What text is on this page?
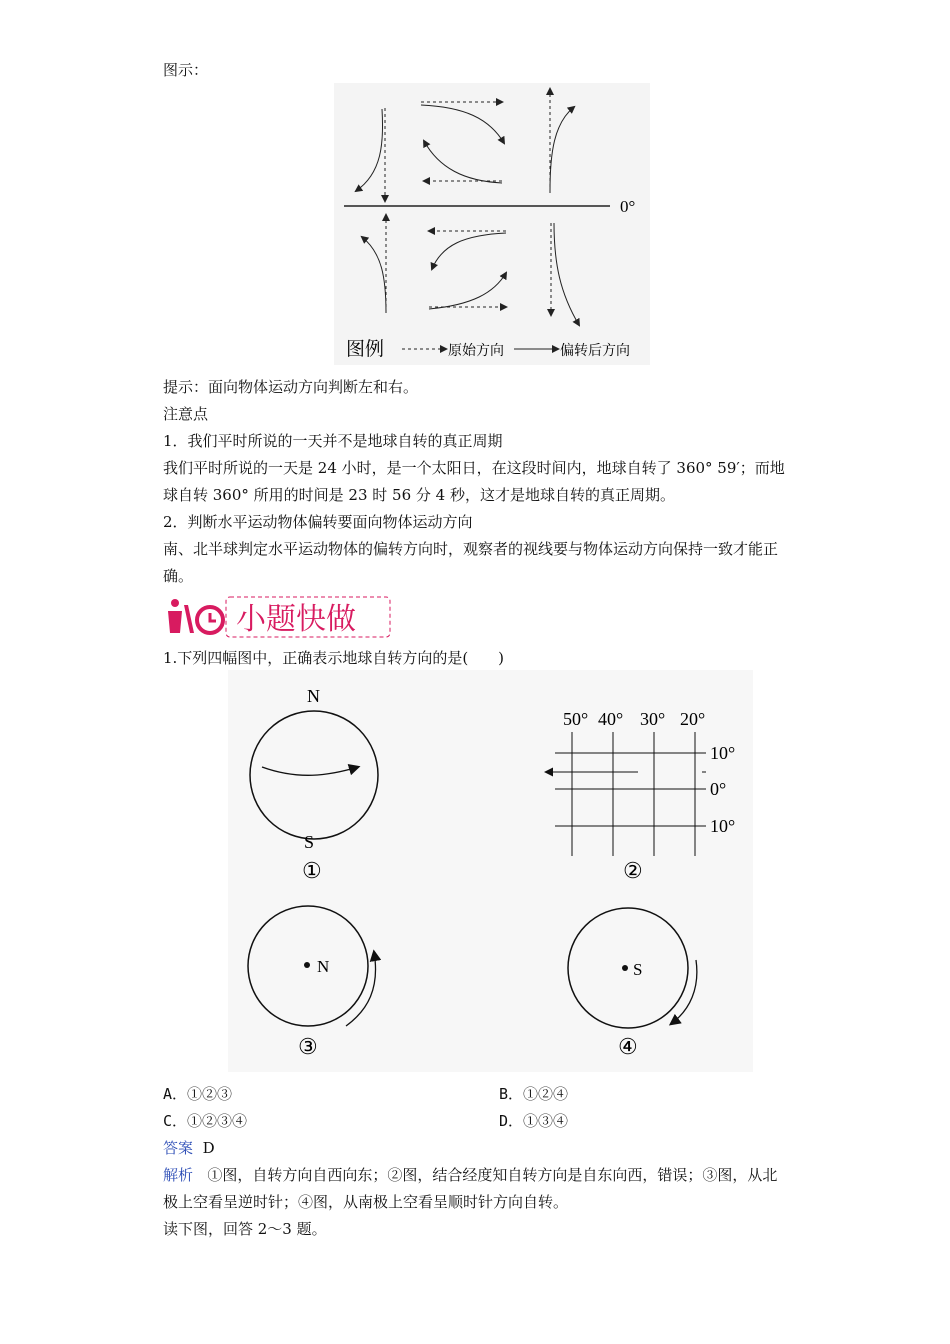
图示：
0°
图例	原始方向	偏转后方向
提示：面向物体运动方向判断左和右。
注意点
1．我们平时所说的一天并不是地球自转的真正周期
我们平时所说的一天是 24 小时，是一个太阳日，在这段时间内，地球自转了 360° 59′；而地
球自转 360° 所用的时间是 23 时 56 分 4 秒，这才是地球自转的真正周期。
2．判断水平运动物体偏转要面向物体运动方向
南、北半球判定水平运动物体的偏转方向时，观察者的视线要与物体运动方向保持一致才能正
确。
小题快做
1.下列四幅图中，正确表示地球自转方向的是(　　)
N
S
①
50° 40° 30° 20°
10°
0°
10°
②
N
③
S
④
A．①②③	B．①②④
C．①②③④	D．①③④
答案 D
解析 ①图，自转方向自西向东；②图，结合经度知自转方向是自东向西，错误；③图，从北
极上空看呈逆时针；④图，从南极上空看呈顺时针方向自转。
读下图，回答 2～3 题。
